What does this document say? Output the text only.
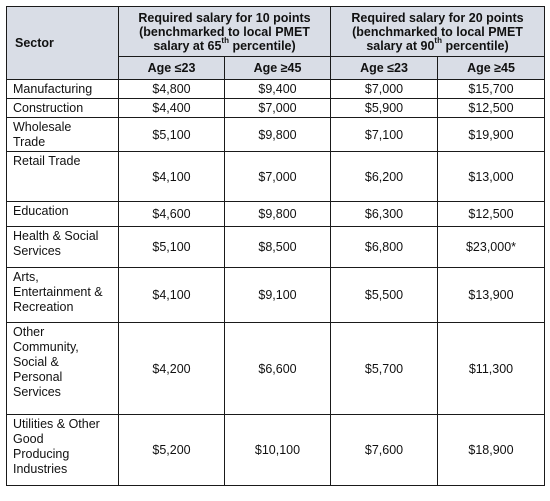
Sector	Required salary for 10 points
(benchmarked to local PMET
salary at 65th percentile)		Required salary for 20 points
(benchmarked to local PMET
salary at 90th percentile)	
	Age ≤23	Age ≥45	Age ≤23	Age ≥45
Manufacturing	$4,800	$9,400	$7,000	$15,700
Construction	$4,400	$7,000	$5,900	$12,500
Wholesale
Trade	$5,100	$9,800	$7,100	$19,900
Retail Trade	$4,100	$7,000	$6,200	$13,000
Education	$4,600	$9,800	$6,300	$12,500
Health & Social
Services	$5,100	$8,500	$6,800	$23,000*
Arts,
Entertainment &
Recreation	$4,100	$9,100	$5,500	$13,900
Other
Community,
Social &
Personal
Services	$4,200	$6,600	$5,700	$11,300
Utilities & Other
Good
Producing
Industries	$5,200	$10,100	$7,600	$18,900
